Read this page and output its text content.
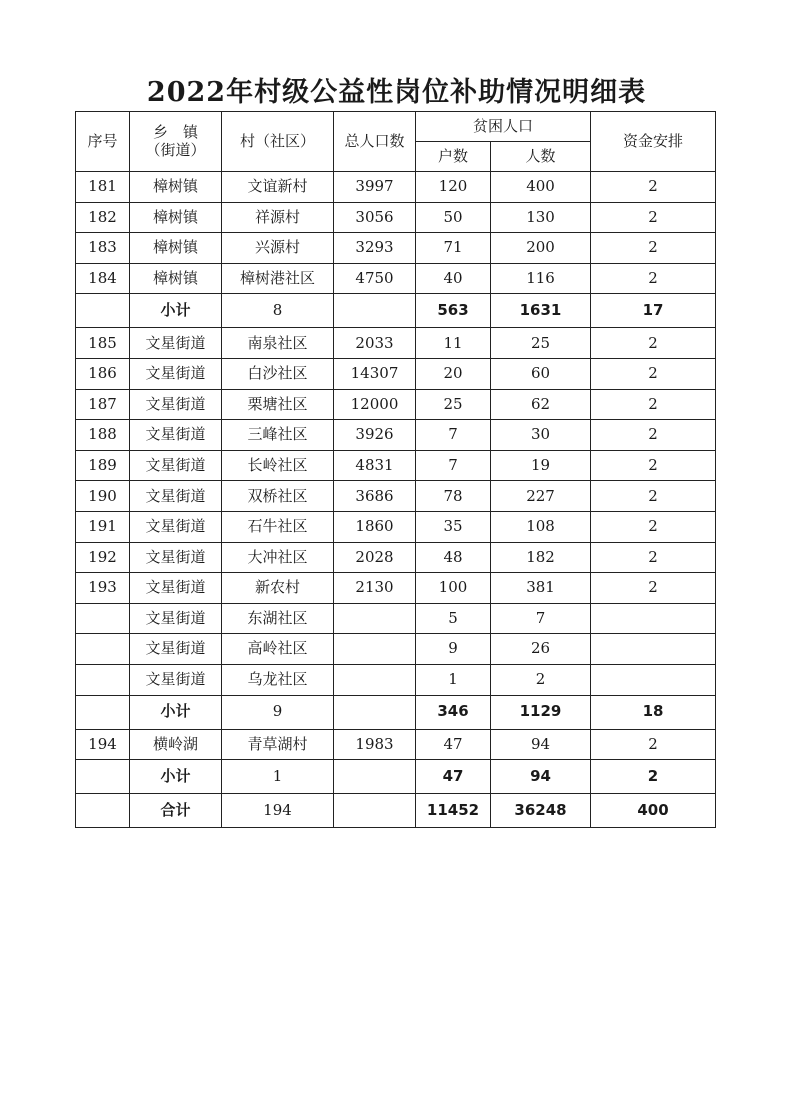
2022年村级公益性岗位补助情况明细表
序号	乡　镇
（街道）	村（社区）	总人口数	贫困人口		资金安排
				户数	人数	
181	樟树镇	文谊新村	3997	120	400	2
182	樟树镇	祥源村	3056	50	130	2
183	樟树镇	兴源村	3293	71	200	2
184	樟树镇	樟树港社区	4750	40	116	2
	小计	8		563	1631	17
185	文星街道	南泉社区	2033	11	25	2
186	文星街道	白沙社区	14307	20	60	2
187	文星街道	栗塘社区	12000	25	62	2
188	文星街道	三峰社区	3926	7	30	2
189	文星街道	长岭社区	4831	7	19	2
190	文星街道	双桥社区	3686	78	227	2
191	文星街道	石牛社区	1860	35	108	2
192	文星街道	大冲社区	2028	48	182	2
193	文星街道	新农村	2130	100	381	2
	文星街道	东湖社区		5	7	
	文星街道	高岭社区		9	26	
	文星街道	乌龙社区		1	2	
	小计	9		346	1129	18
194	横岭湖	青草湖村	1983	47	94	2
	小计	1		47	94	2
	合计	194		11452	36248	400
